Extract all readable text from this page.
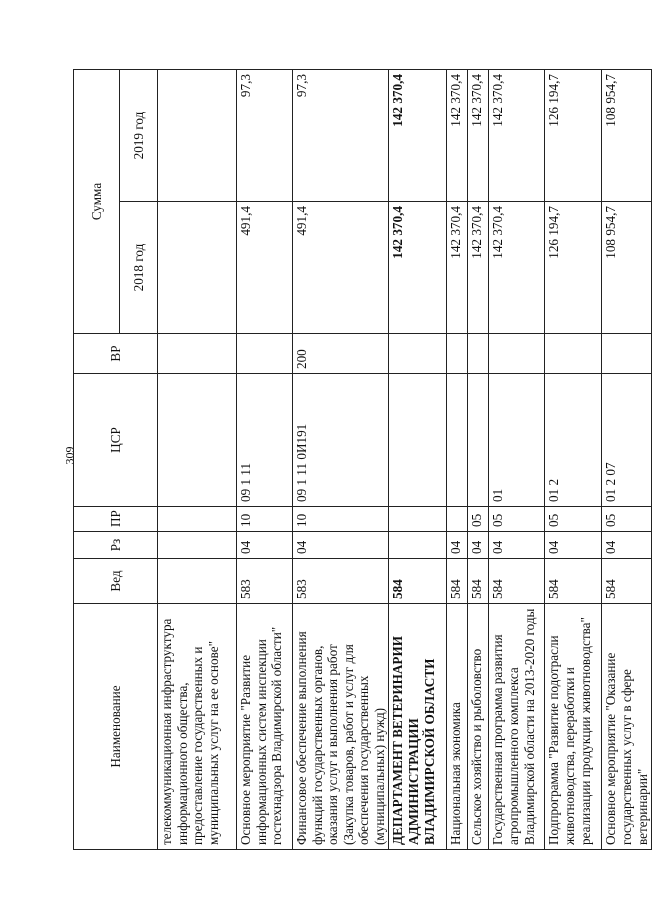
309
Наименование	Вед	Рз	ПР	ЦСР	ВР	Сумма	
						2018 год	2019 год
телекоммуникационная инфраструктура информационного общества, предоставление государственных и муниципальных услуг на ее основе"							
Основное мероприятие "Развитие информационных систем инспекции гостехнадзора Владимирской области"	583	04	10	09 1 11		491,4	97,3
Финансовое обеспечение выполнения функций государственных органов, оказания услуг и выполнения работ (Закупка товаров, работ и услуг для обеспечения государственных (муниципальных) нужд)	583	04	10	09 1 11 0И191	200	491,4	97,3
ДЕПАРТАМЕНТ ВЕТЕРИНАРИИ АДМИНИСТРАЦИИ ВЛАДИМИРСКОЙ ОБЛАСТИ	584					142 370,4	142 370,4
Национальная экономика	584	04				142 370,4	142 370,4
Сельское хозяйство и рыболовство	584	04	05			142 370,4	142 370,4
Государственная программа развития агропромышленного комплекса Владимирской области на 2013-2020 годы	584	04	05	01		142 370,4	142 370,4
Подпрограмма "Развитие подотрасли животноводства, переработки и реализации продукции животноводства"	584	04	05	01 2		126 194,7	126 194,7
Основное мероприятие "Оказание государственных услуг в сфере ветеринарии"	584	04	05	01 2 07		108 954,7	108 954,7
